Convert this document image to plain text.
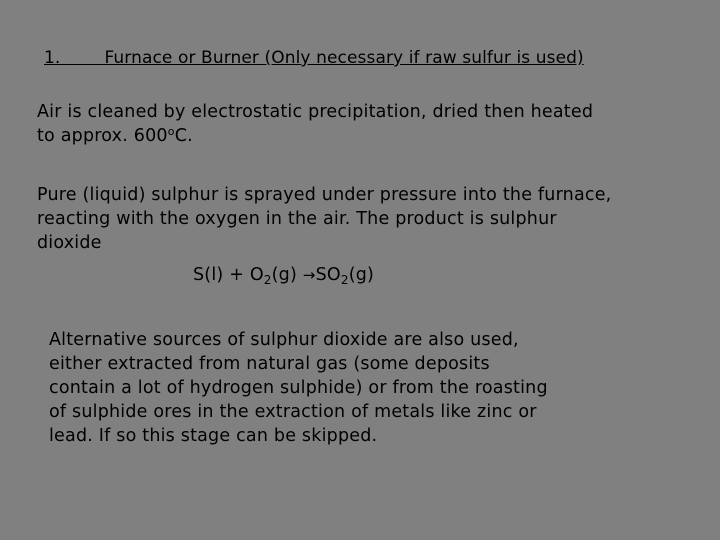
1.	Furnace or Burner (Only necessary if raw sulfur is used)
Air is cleaned by electrostatic precipitation, dried then heated
to approx. 600$^o$C.
Pure (liquid) sulphur is sprayed under pressure into the furnace,
reacting with the oxygen in the air. The product is sulphur
dioxide
$S(l) + O_2(g) \to SO_2(g)$
Alternative sources of sulphur dioxide are also used,
either extracted from natural gas (some deposits
contain a lot of hydrogen sulphide) or from the roasting
of sulphide ores in the extraction of metals like zinc or
lead. If so this stage can be skipped.
